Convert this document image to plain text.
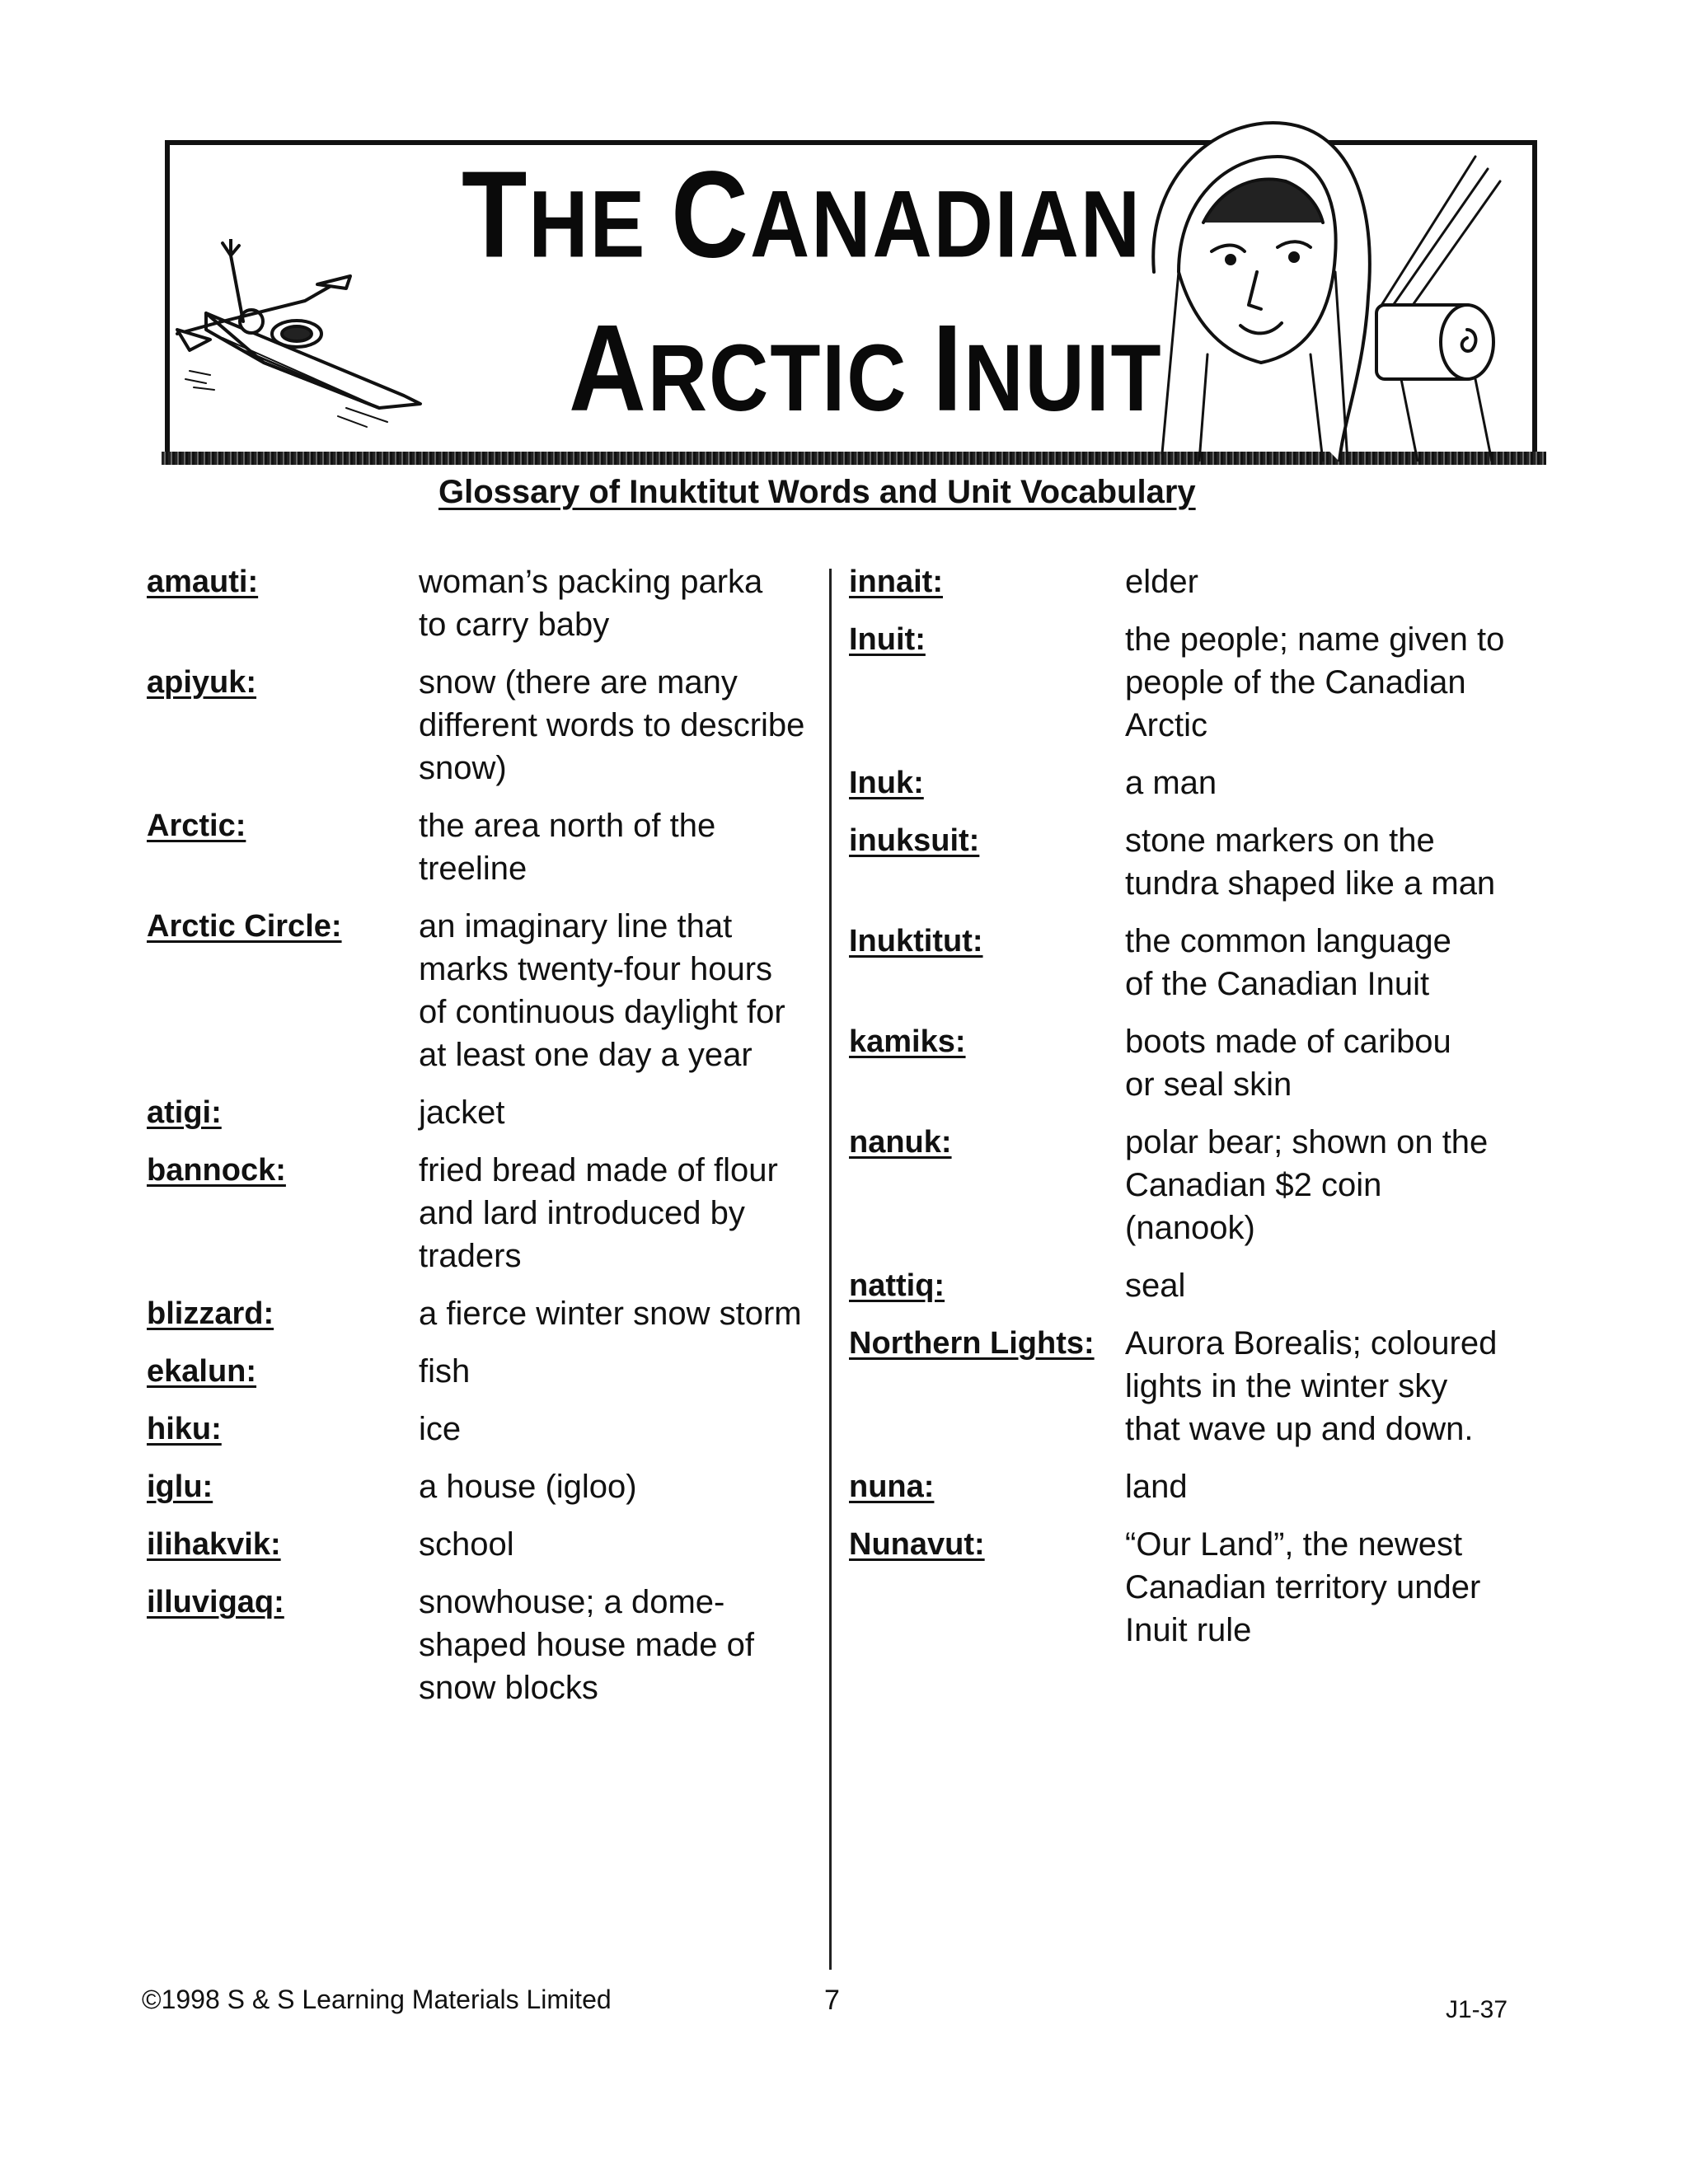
THE CANADIAN
ARCTIC INUIT
Glossary of Inuktitut Words and Unit Vocabulary
amauti:	woman’s packing parka to carry baby
apiyuk:	snow (there are many different words to describe snow)
Arctic:	the area north of the treeline
Arctic Circle:	an imaginary line that marks twenty-four hours of continuous daylight for at least one day a year
atigi:	jacket
bannock:	fried bread made of flour and lard introduced by traders
blizzard:	a fierce winter snow storm
ekalun:	fish
hiku:	ice
iglu:	a house (igloo)
ilihakvik:	school
illuvigaq:	snowhouse; a dome-shaped house made of snow blocks
innait:	elder
Inuit:	the people; name given to people of the Canadian Arctic
Inuk:	a man
inuksuit:	stone markers on the tundra shaped like a man
Inuktitut:	the common language of the Canadian Inuit
kamiks:	boots made of caribou or seal skin
nanuk:	polar bear; shown on the Canadian $2 coin (nanook)
nattiq:	seal
Northern Lights: Aurora Borealis; coloured lights in the winter sky that wave up and down.
nuna:	land
Nunavut:	“Our Land”, the newest Canadian territory under Inuit rule
©1998 S & S Learning Materials Limited	7	J1-37
